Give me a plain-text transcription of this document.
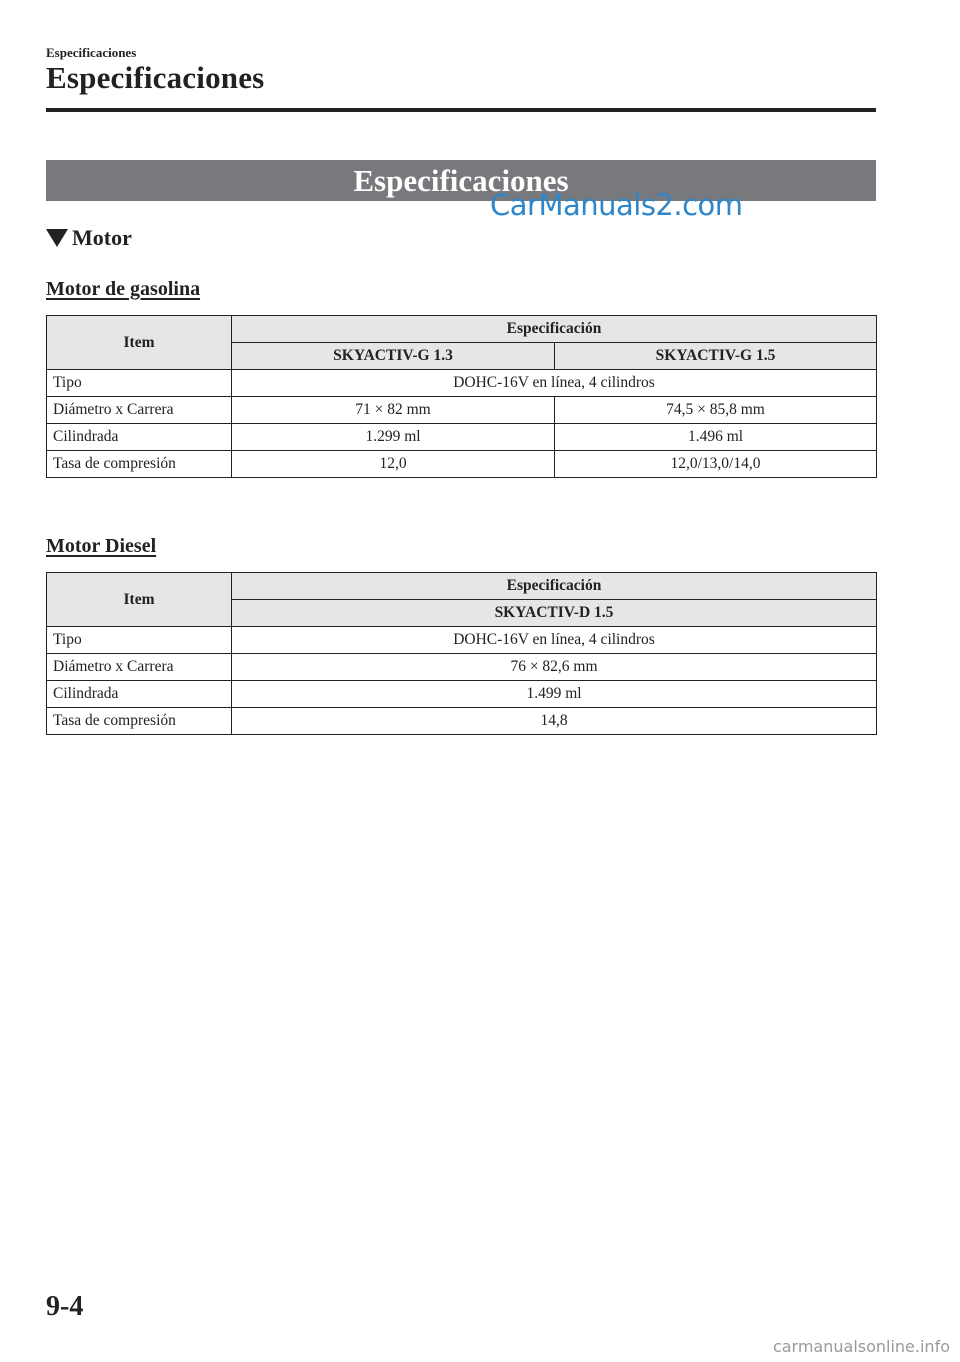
Especificaciones
Especificaciones
Especificaciones
CarManuals2.com
Motor
Motor de gasolina
Item	Especificación	
	SKYACTIV-G 1.3	SKYACTIV-G 1.5
Tipo	DOHC-16V en línea, 4 cilindros	
Diámetro x Carrera	71 × 82 mm	74,5 × 85,8 mm
Cilindrada	1.299 ml	1.496 ml
Tasa de compresión	12,0	12,0/13,0/14,0
Motor Diesel
Item	Especificación
	SKYACTIV-D 1.5
Tipo	DOHC-16V en línea, 4 cilindros
Diámetro x Carrera	76 × 82,6 mm
Cilindrada	1.499 ml
Tasa de compresión	14,8
9-4
carmanualsonline.info
